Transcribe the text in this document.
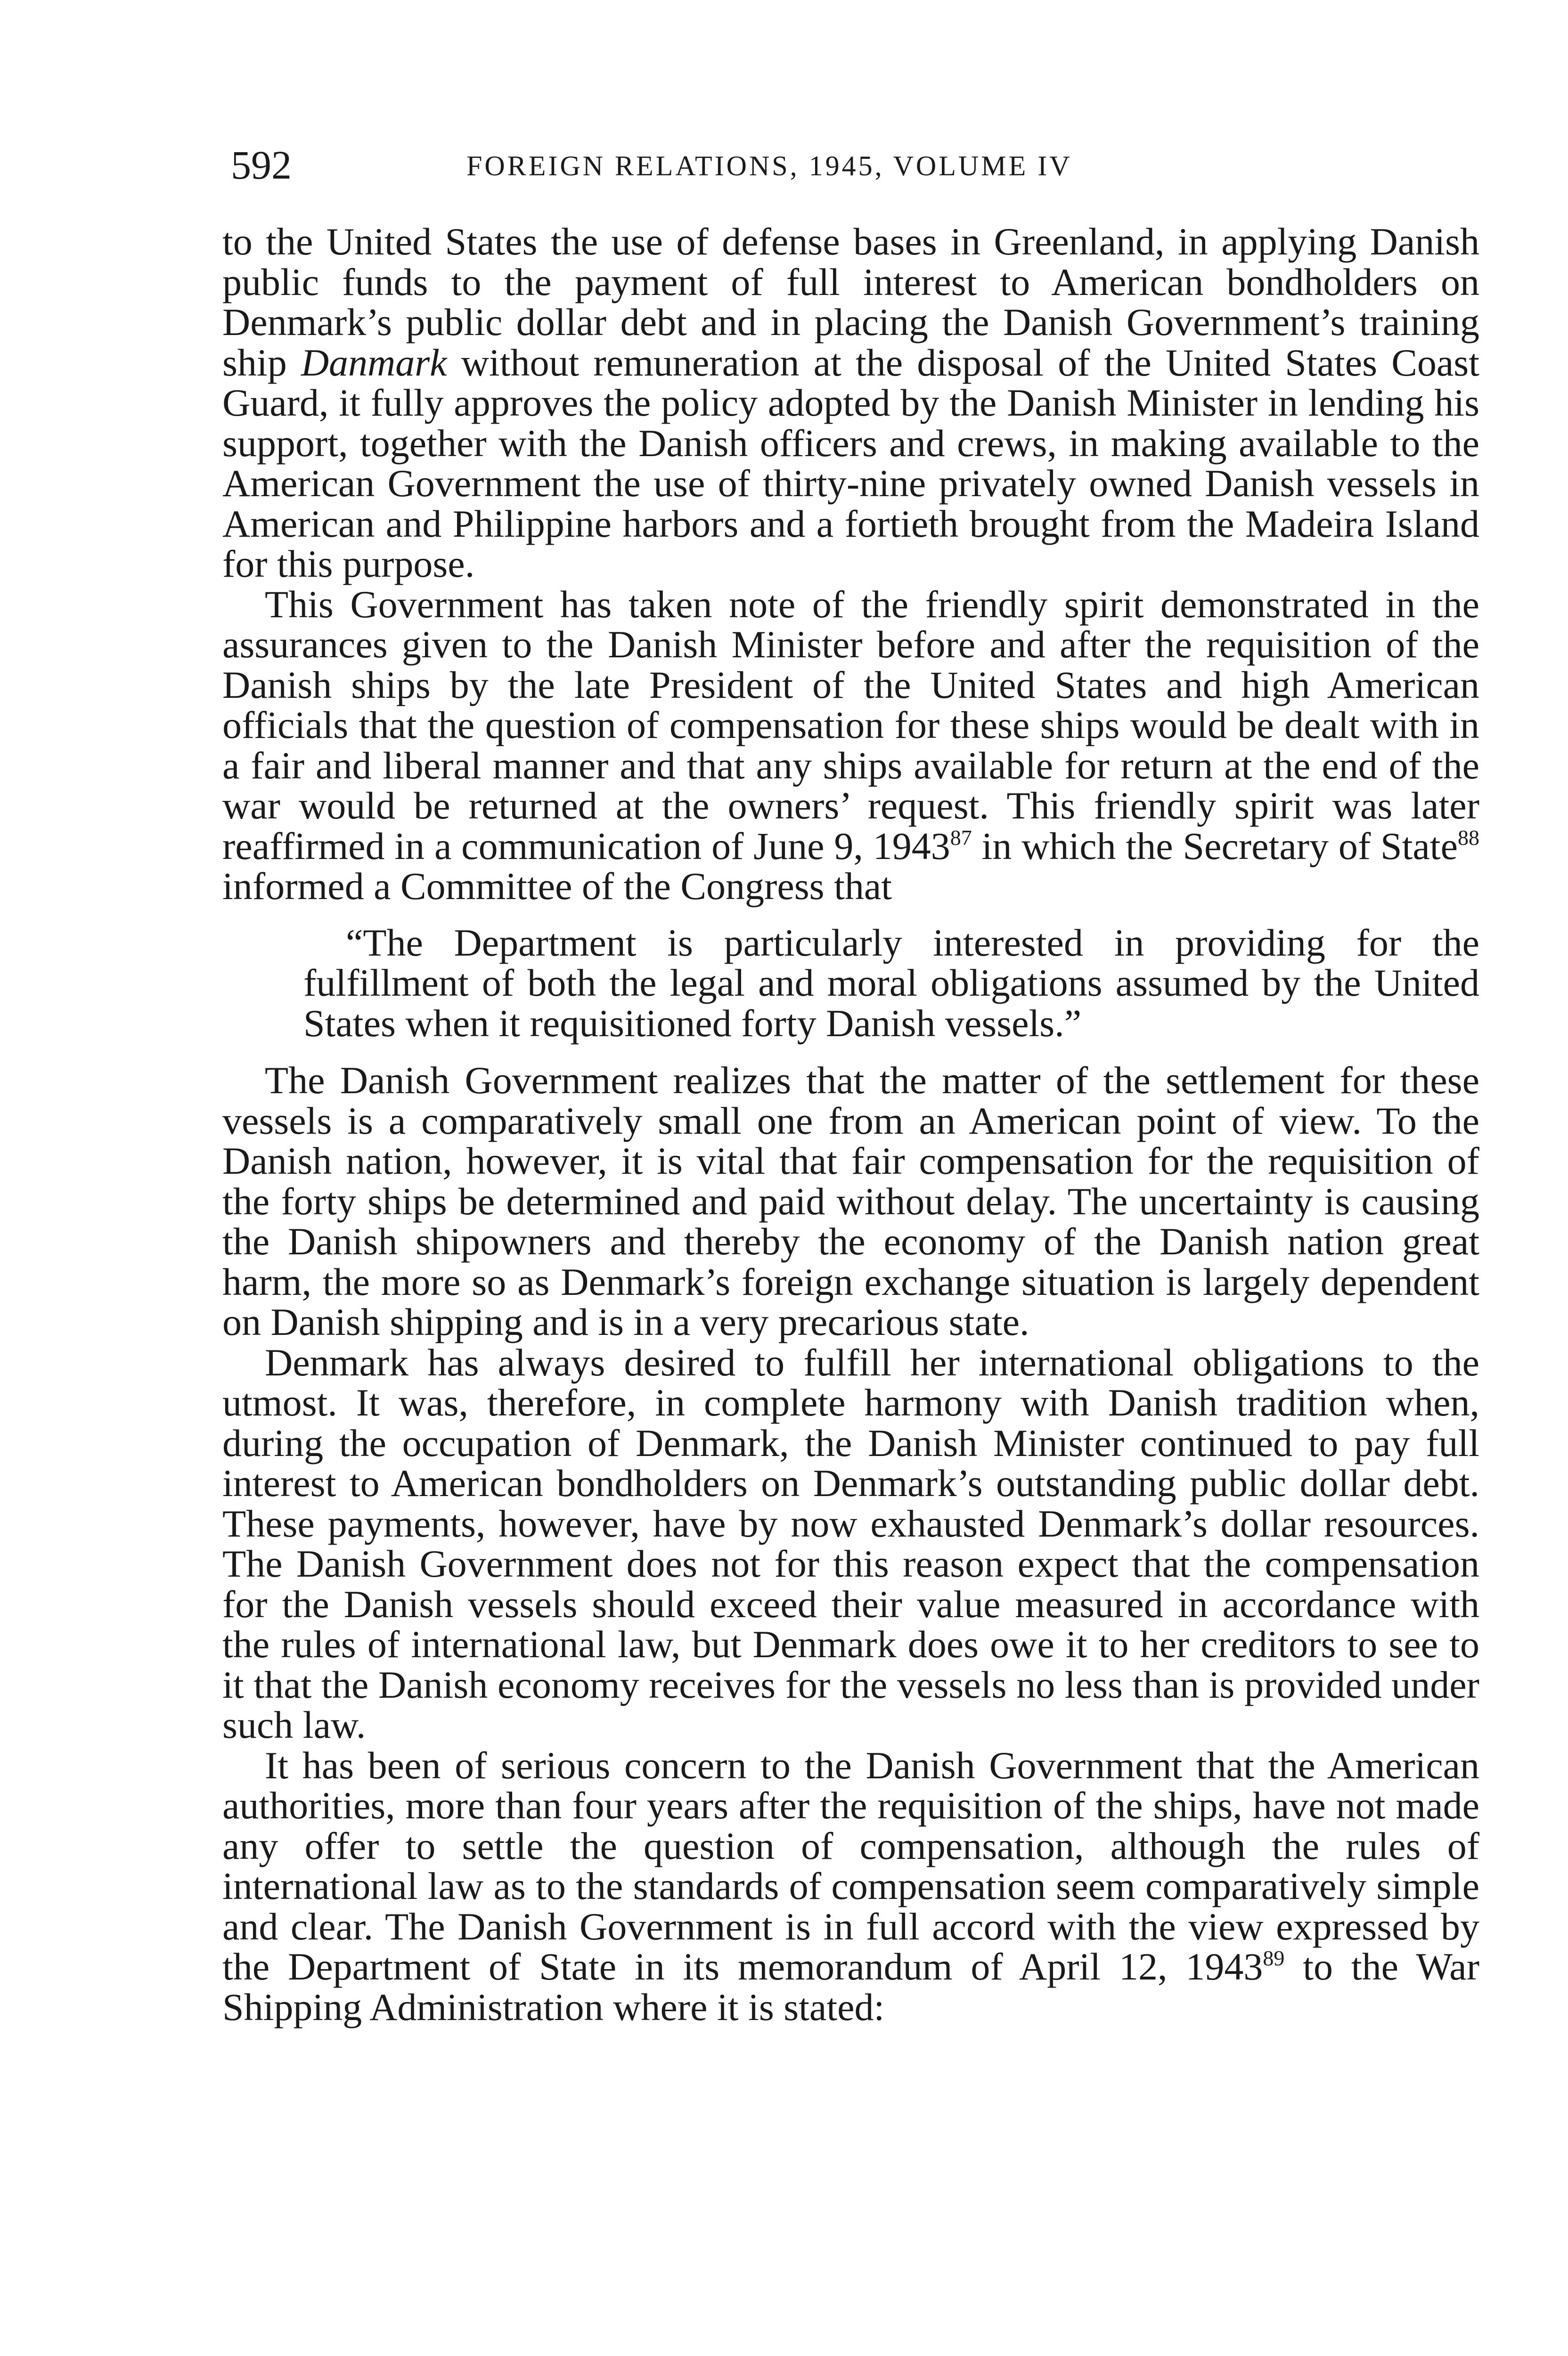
592	FOREIGN RELATIONS, 1945, VOLUME IV

to the United States the use of defense bases in Greenland, in applying Danish public funds to the payment of full interest to American bondholders on Denmark’s public dollar debt and in placing the Danish Government’s training ship Danmark without remuneration at the disposal of the United States Coast Guard, it fully approves the policy adopted by the Danish Minister in lending his support, together with the Danish officers and crews, in making available to the American Government the use of thirty-nine privately owned Danish vessels in American and Philippine harbors and a fortieth brought from the Madeira Island for this purpose.

This Government has taken note of the friendly spirit demonstrated in the assurances given to the Danish Minister before and after the requisition of the Danish ships by the late President of the United States and high American officials that the question of compensation for these ships would be dealt with in a fair and liberal manner and that any ships available for return at the end of the war would be returned at the owners’ request. This friendly spirit was later reaffirmed in a communication of June 9, 1943$^{87}$ in which the Secretary of State$^{88}$ informed a Committee of the Congress that

“The Department is particularly interested in providing for the fulfillment of both the legal and moral obligations assumed by the United States when it requisitioned forty Danish vessels.”

The Danish Government realizes that the matter of the settlement for these vessels is a comparatively small one from an American point of view. To the Danish nation, however, it is vital that fair compensation for the requisition of the forty ships be determined and paid without delay. The uncertainty is causing the Danish shipowners and thereby the economy of the Danish nation great harm, the more so as Denmark’s foreign exchange situation is largely dependent on Danish shipping and is in a very precarious state.

Denmark has always desired to fulfill her international obligations to the utmost. It was, therefore, in complete harmony with Danish tradition when, during the occupation of Denmark, the Danish Minister continued to pay full interest to American bondholders on Denmark’s outstanding public dollar debt. These payments, however, have by now exhausted Denmark’s dollar resources. The Danish Government does not for this reason expect that the compensation for the Danish vessels should exceed their value measured in accordance with the rules of international law, but Denmark does owe it to her creditors to see to it that the Danish economy receives for the vessels no less than is provided under such law.

It has been of serious concern to the Danish Government that the American authorities, more than four years after the requisition of the ships, have not made any offer to settle the question of compensation, although the rules of international law as to the standards of compensation seem comparatively simple and clear. The Danish Government is in full accord with the view expressed by the Department of State in its memorandum of April 12, 1943$^{89}$ to the War Shipping Administration where it is stated:
